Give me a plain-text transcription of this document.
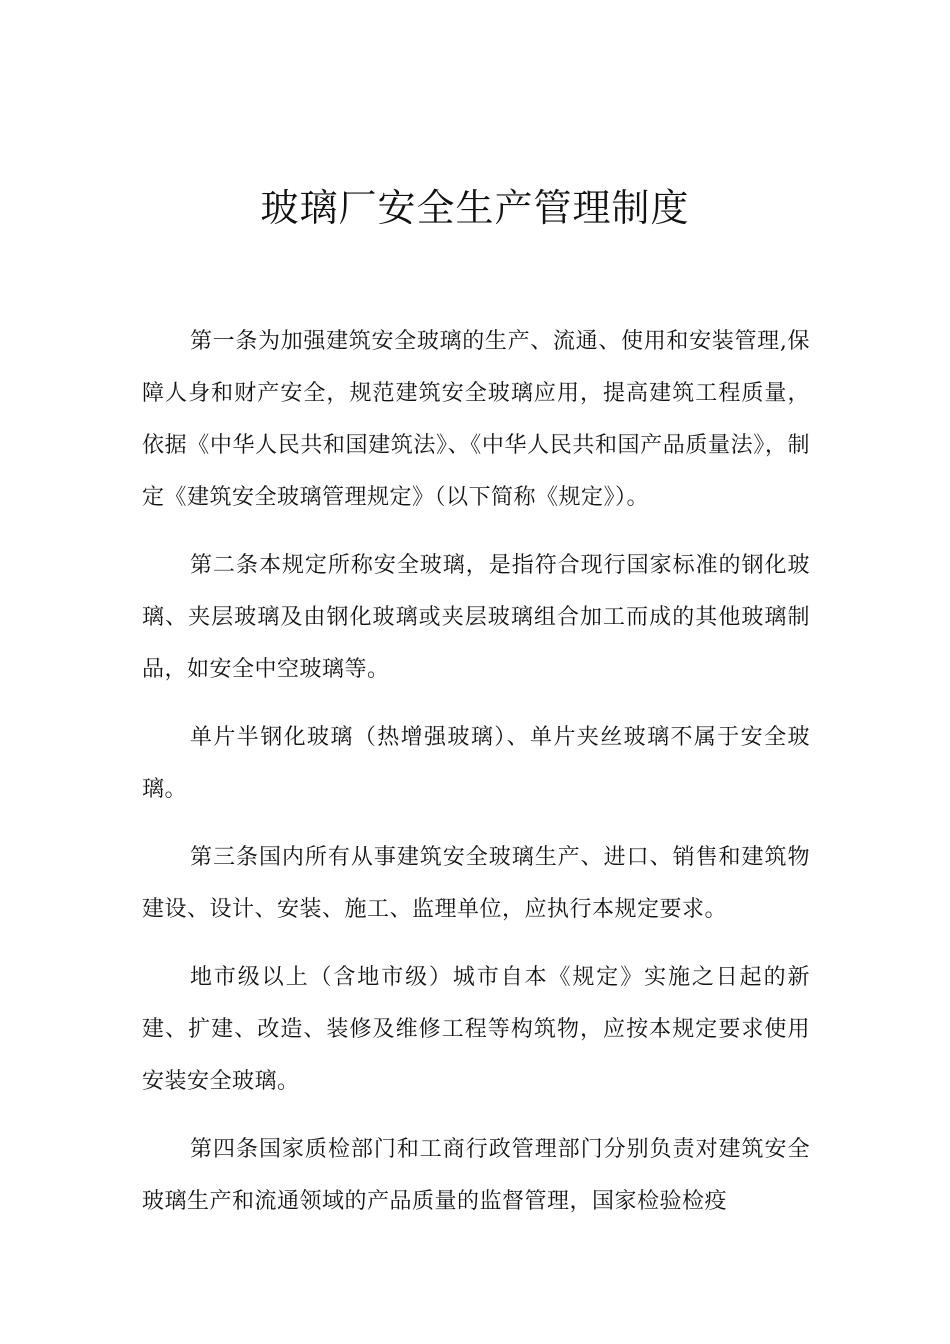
玻璃厂安全生产管理制度

第一条为加强建筑安全玻璃的生产、流通、使用和安装管理,保障人身和财产安全，规范建筑安全玻璃应用，提高建筑工程质量，依据《中华人民共和国建筑法》、《中华人民共和国产品质量法》，制定《建筑安全玻璃管理规定》（以下简称《规定》）。

第二条本规定所称安全玻璃，是指符合现行国家标准的钢化玻璃、夹层玻璃及由钢化玻璃或夹层玻璃组合加工而成的其他玻璃制品，如安全中空玻璃等。

单片半钢化玻璃（热增强玻璃）、单片夹丝玻璃不属于安全玻璃。

第三条国内所有从事建筑安全玻璃生产、进口、销售和建筑物建设、设计、安装、施工、监理单位，应执行本规定要求。

地市级以上（含地市级）城市自本《规定》实施之日起的新建、扩建、改造、装修及维修工程等构筑物，应按本规定要求使用安装安全玻璃。

第四条国家质检部门和工商行政管理部门分别负责对建筑安全玻璃生产和流通领域的产品质量的监督管理，国家检验检疫
